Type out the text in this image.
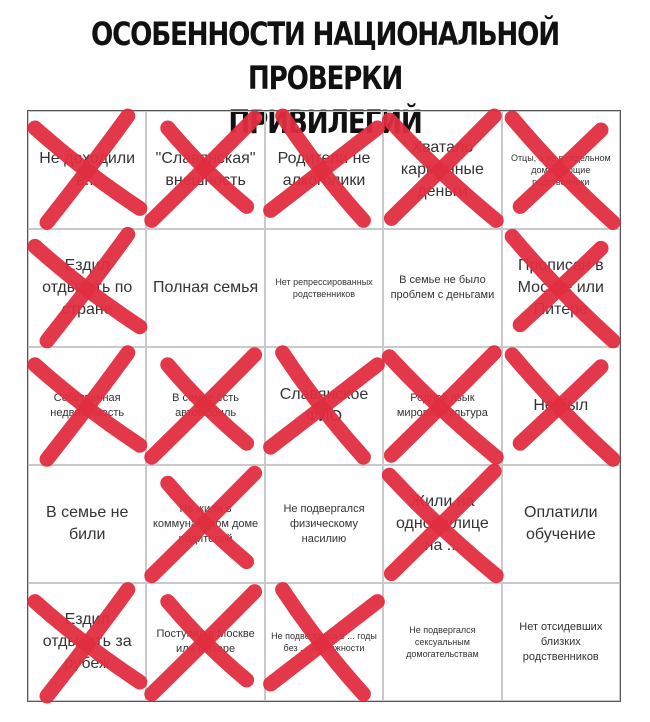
ОСОБЕННОСТИ НАЦИОНАЛЬНОЙ ПРОВЕРКИ
ПРИВИЛЕГИЙ
Не доходили в...
"Славянская" внешность
Родители не алкоголики
Хватало карманные деньги
Отцы, а не в отдельном доме и общие родственники
Ездил отдыхать по стране
Полная семья	Нет репрессированных родственников
В семье не было проблем с деньгами
Прописан в Москве или Питере
Собственная недвижимость
В семье есть автомобиль
Славянское ФИО
Родной язык мировая культура	Не был
В семье не били
Не жили в коммунальном доме родителей
Не подвергался физическому насилию
Жили на одной улице на ...
Оплатили обучение
Ездил отдыхать за рубеж
Поступил в Москве или Питере
Не подвергался в ... годы без ... возможности
Не подвергался сексуальным домогательствам
Нет отсидевших близких родственников
